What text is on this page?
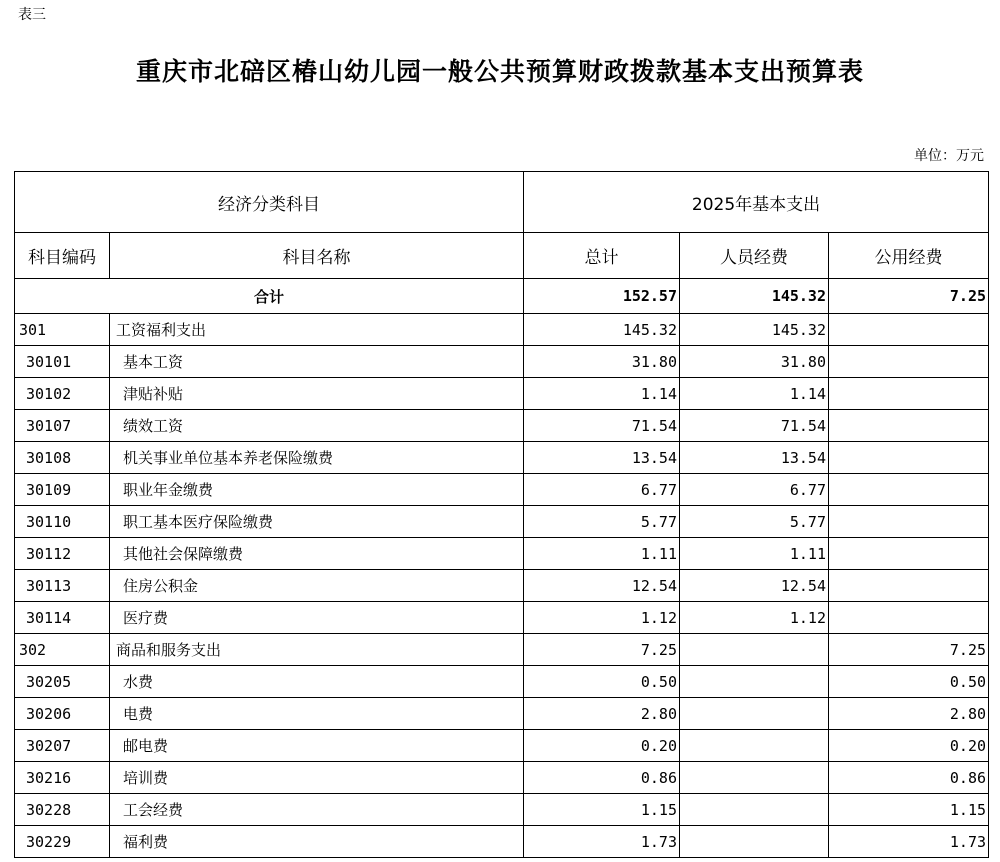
表三
重庆市北碚区椿山幼儿园一般公共预算财政拨款基本支出预算表
单位：万元
经济分类科目		2025年基本支出		
科目编码	科目名称	总计	人员经费	公用经费
合计		152.57	145.32	7.25
301	工资福利支出	145.32	145.32	
30101	基本工资	31.80	31.80	
30102	津贴补贴	1.14	1.14	
30107	绩效工资	71.54	71.54	
30108	机关事业单位基本养老保险缴费	13.54	13.54	
30109	职业年金缴费	6.77	6.77	
30110	职工基本医疗保险缴费	5.77	5.77	
30112	其他社会保障缴费	1.11	1.11	
30113	住房公积金	12.54	12.54	
30114	医疗费	1.12	1.12	
302	商品和服务支出	7.25		7.25
30205	水费	0.50		0.50
30206	电费	2.80		2.80
30207	邮电费	0.20		0.20
30216	培训费	0.86		0.86
30228	工会经费	1.15		1.15
30229	福利费	1.73		1.73
